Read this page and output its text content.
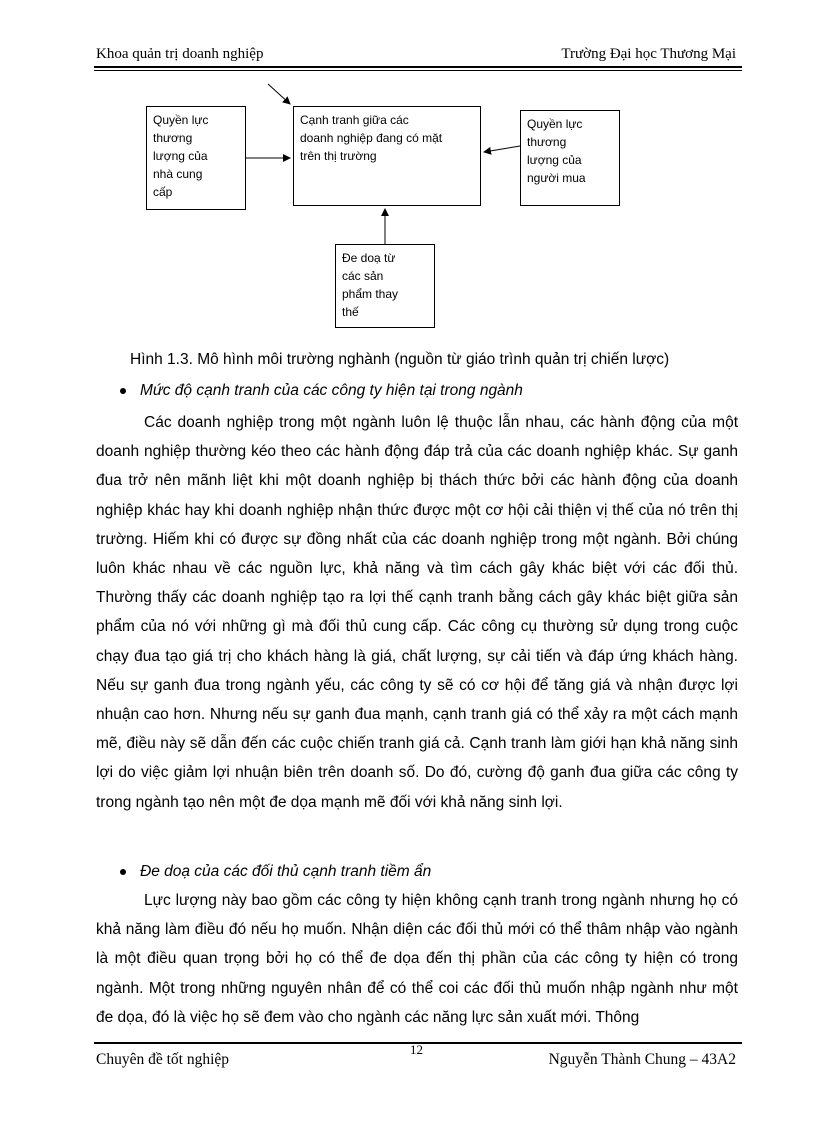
Khoa quản trị doanh nghiệp	Trường Đại học Thương Mại
Quyền lực
thương
lượng của
nhà cung
cấp
Cạnh tranh giữa các
doanh nghiệp đang có mặt
trên thị trường
Quyền lực
thương
lượng của
người mua
Đe doạ từ
các sản
phẩm thay
thế
Hình 1.3. Mô hình môi trường nghành (nguồn từ giáo trình quản trị chiến lược)
Mức độ cạnh tranh của các công ty hiện tại trong ngành

Các doanh nghiệp trong một ngành luôn lệ thuộc lẫn nhau, các hành động của một doanh nghiệp thường kéo theo các hành động đáp trả của các doanh nghiệp khác. Sự ganh đua trở nên mãnh liệt khi một doanh nghiệp bị thách thức bởi các hành động của doanh nghiệp khác hay khi doanh nghiệp nhận thức được một cơ hội cải thiện vị thế của nó trên thị trường. Hiếm khi có được sự đồng nhất của các doanh nghiệp trong một ngành. Bởi chúng luôn khác nhau về các nguồn lực, khả năng và tìm cách gây khác biệt với các đối thủ. Thường thấy các doanh nghiệp tạo ra lợi thế cạnh tranh bằng cách gây khác biệt giữa sản phẩm của nó với những gì mà đối thủ cung cấp. Các công cụ thường sử dụng trong cuộc chạy đua tạo giá trị cho khách hàng là giá, chất lượng, sự cải tiến và đáp ứng khách hàng. Nếu sự ganh đua trong ngành yếu, các công ty sẽ có cơ hội để tăng giá và nhận được lợi nhuận cao hơn. Nhưng nếu sự ganh đua mạnh, cạnh tranh giá có thể xảy ra một cách mạnh mẽ, điều này sẽ dẫn đến các cuộc chiến tranh giá cả. Cạnh tranh làm giới hạn khả năng sinh lợi do việc giảm lợi nhuận biên trên doanh số. Do đó, cường độ ganh đua giữa các công ty trong ngành tạo nên một đe dọa mạnh mẽ đối với khả năng sinh lợi.

Đe doạ của các đối thủ cạnh tranh tiềm ẩn

Lực lượng này bao gồm các công ty hiện không cạnh tranh trong ngành nhưng họ có khả năng làm điều đó nếu họ muốn. Nhận diện các đối thủ mới có thể thâm nhập vào ngành là một điều quan trọng bởi họ có thể đe dọa đến thị phần của các công ty hiện có trong ngành. Một trong những nguyên nhân để có thể coi các đối thủ muốn nhập ngành như một đe dọa, đó là việc họ sẽ đem vào cho ngành các năng lực sản xuất mới. Thông

Chuyên đề tốt nghiệp
12
Nguyễn Thành Chung – 43A2
